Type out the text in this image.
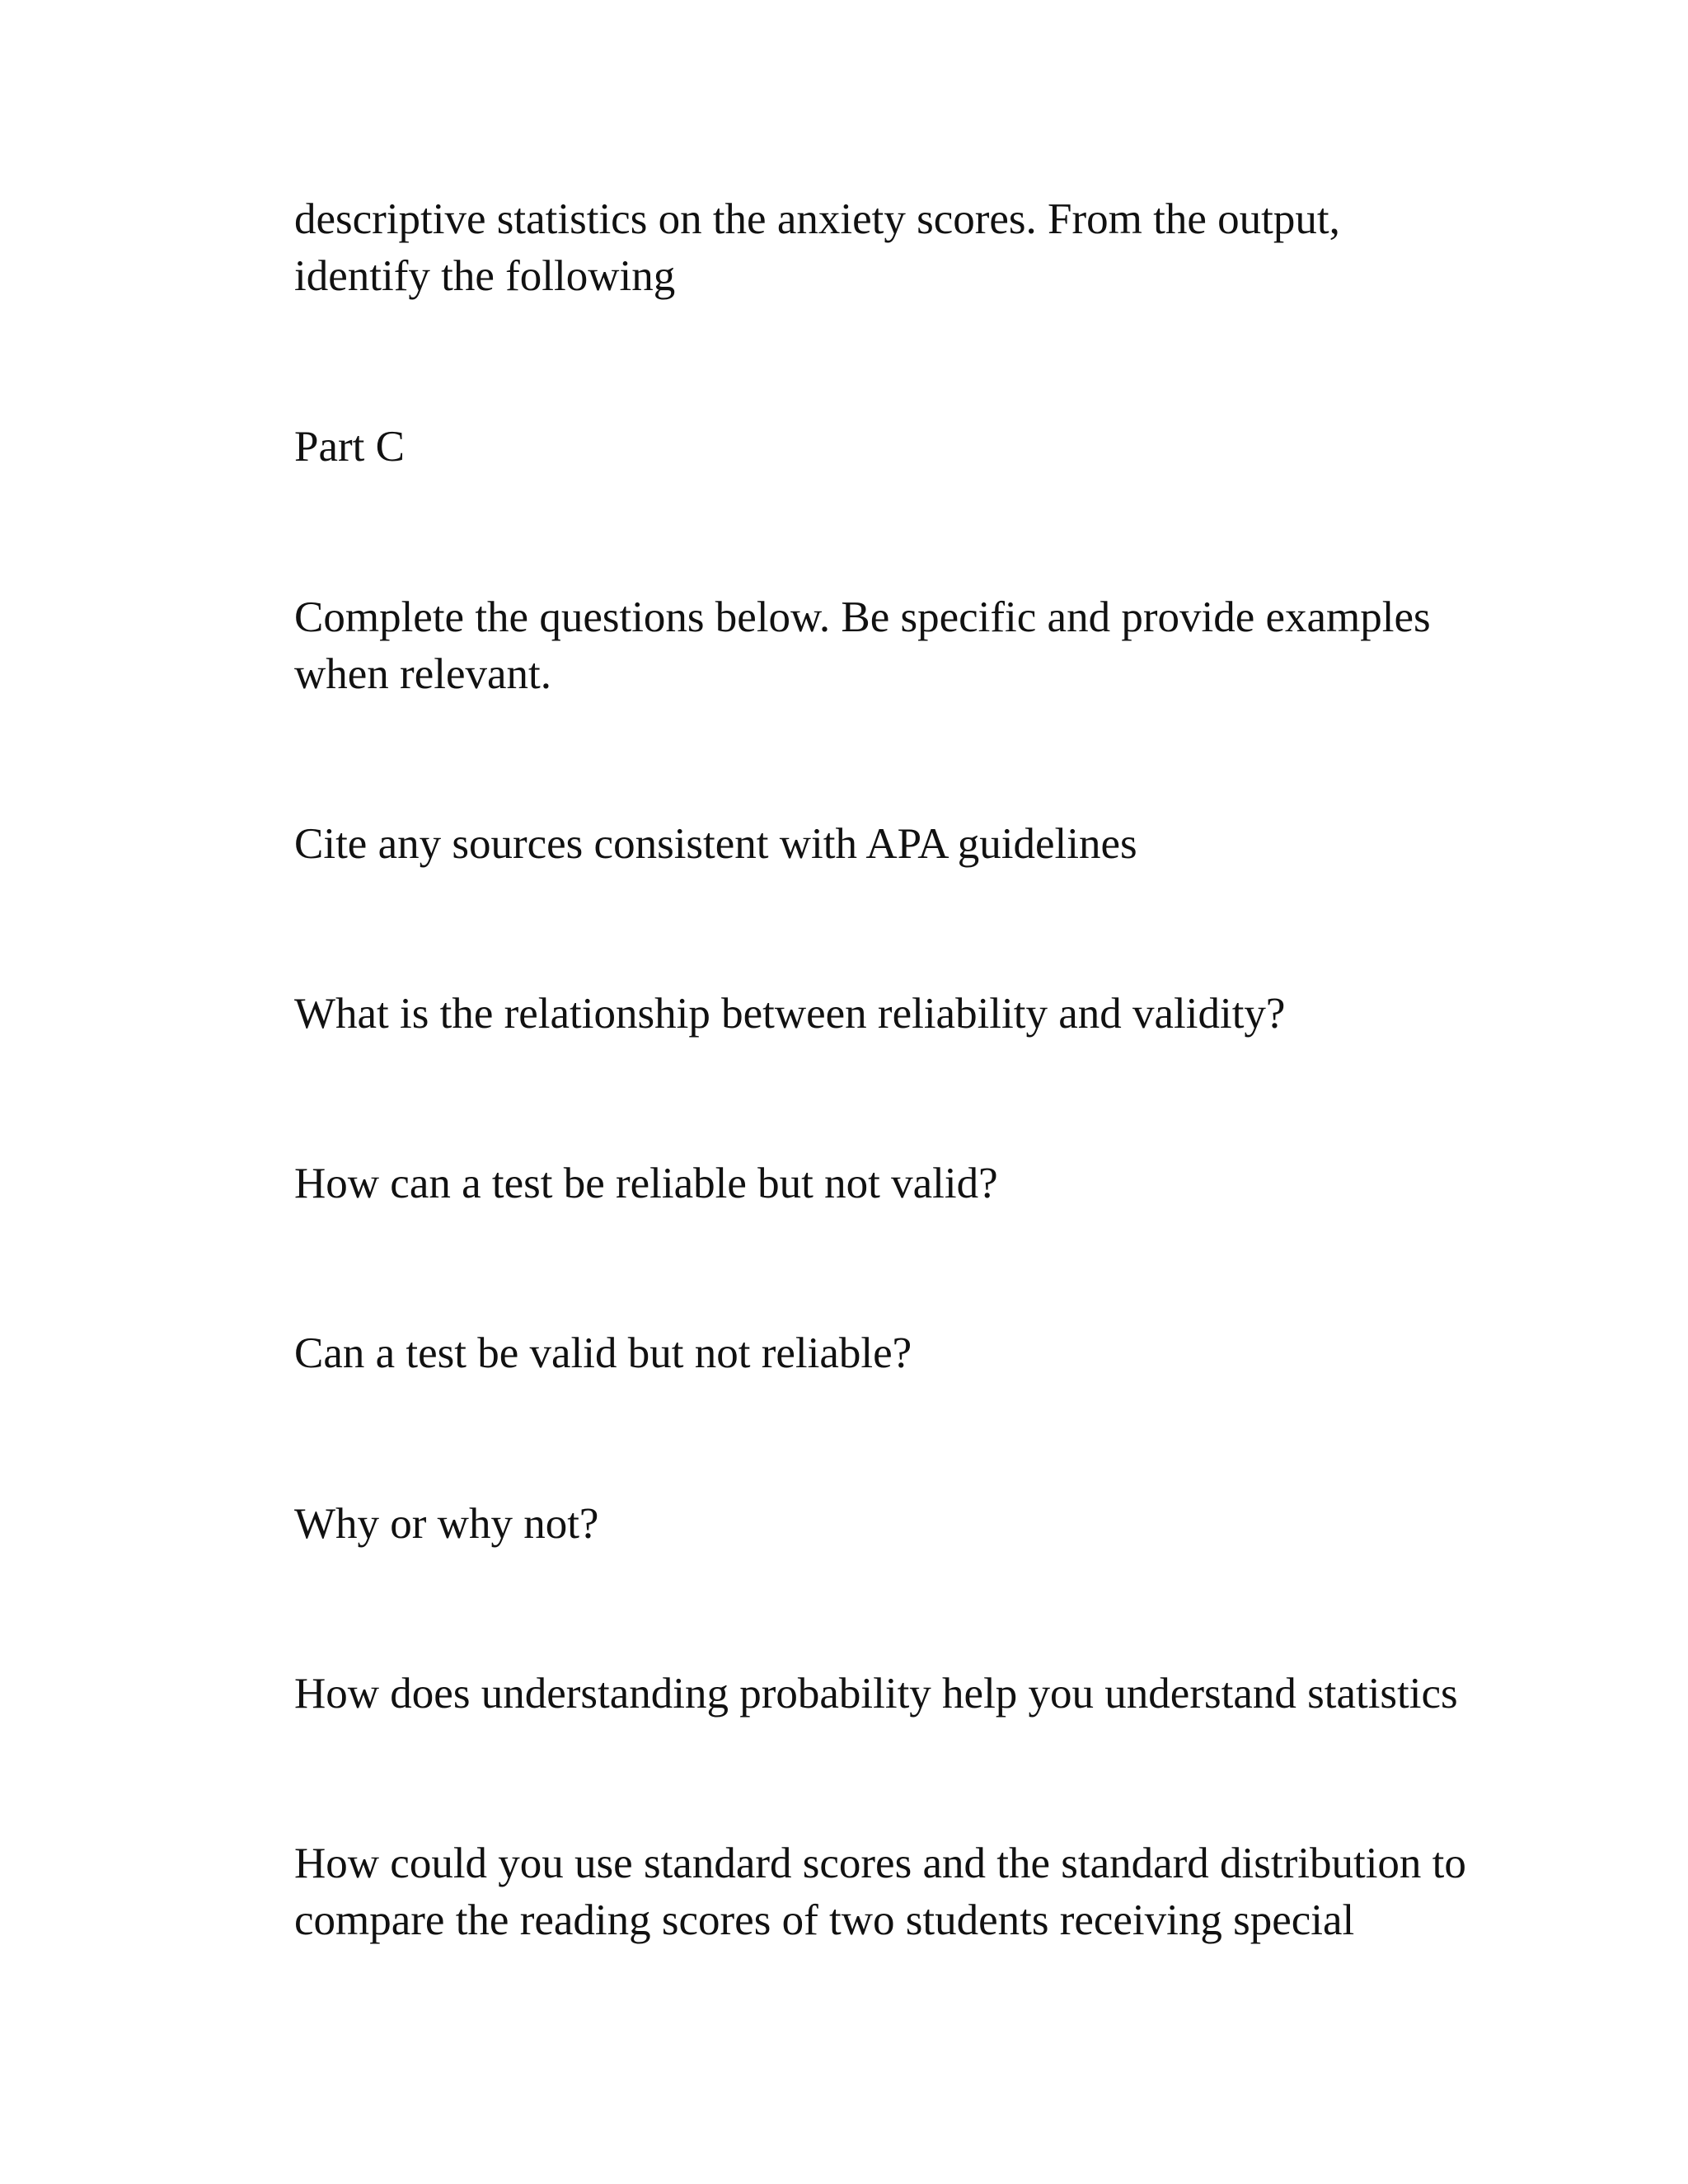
descriptive statistics on the anxiety scores. From the output,
identify the following

Part C

Complete the questions below. Be specific and provide examples
when relevant.

Cite any sources consistent with APA guidelines

What is the relationship between reliability and validity?

How can a test be reliable but not valid?

Can a test be valid but not reliable?

Why or why not?

How does understanding probability help you understand statistics

How could you use standard scores and the standard distribution to
compare the reading scores of two students receiving special
